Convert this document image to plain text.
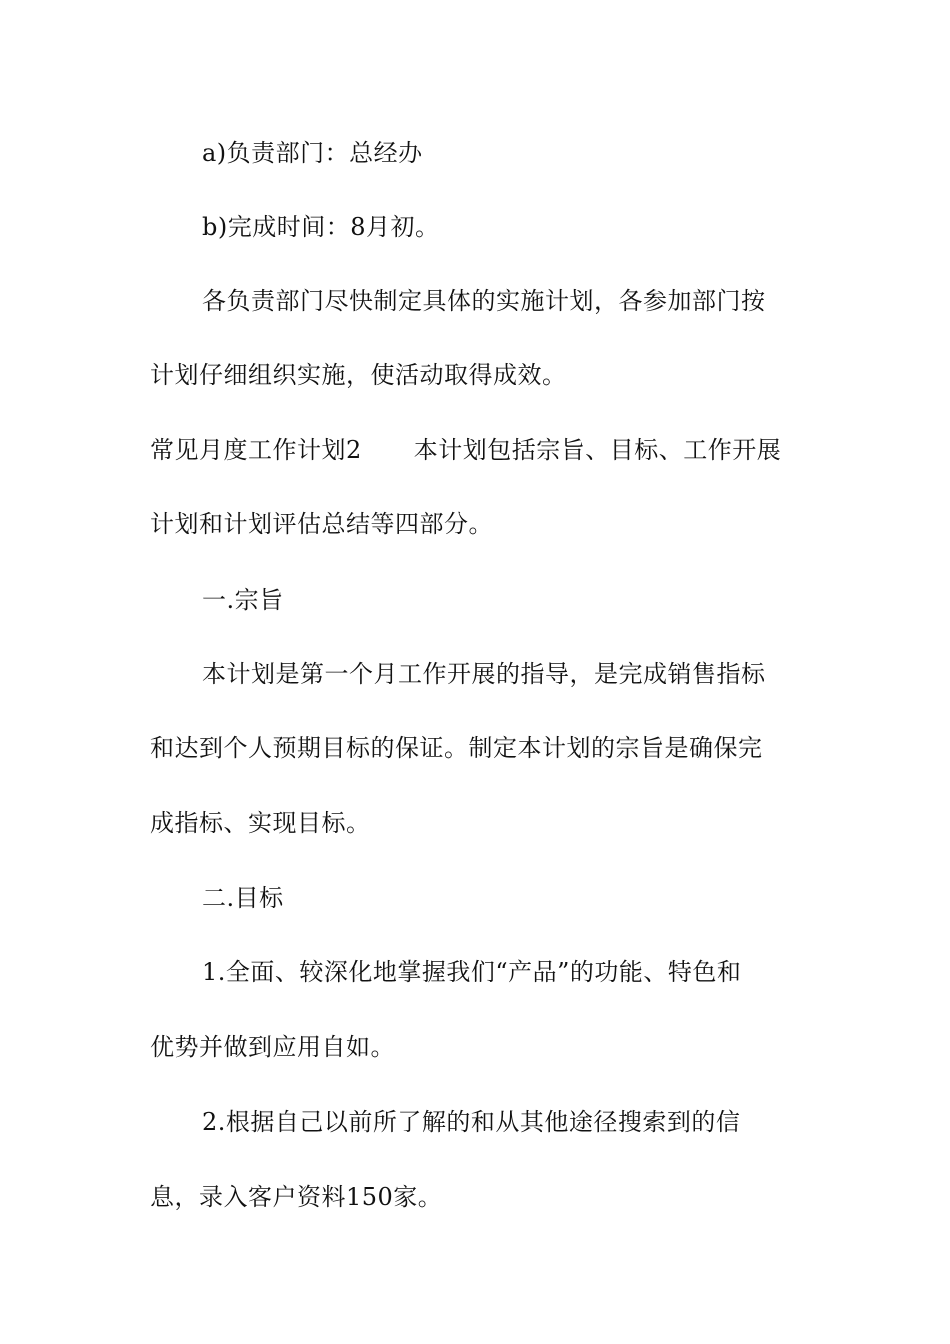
a)负责部门：总经办
b)完成时间：8月初。
各负责部门尽快制定具体的实施计划，各参加部门按
计划仔细组织实施，使活动取得成效。
常见月度工作计划2 本计划包括宗旨、目标、工作开展
计划和计划评估总结等四部分。
一.宗旨
本计划是第一个月工作开展的指导，是完成销售指标
和达到个人预期目标的保证。制定本计划的宗旨是确保完
成指标、实现目标。
二.目标
1.全面、较深化地掌握我们“产品”的功能、特色和
优势并做到应用自如。
2.根据自己以前所了解的和从其他途径搜索到的信
息，录入客户资料150家。
